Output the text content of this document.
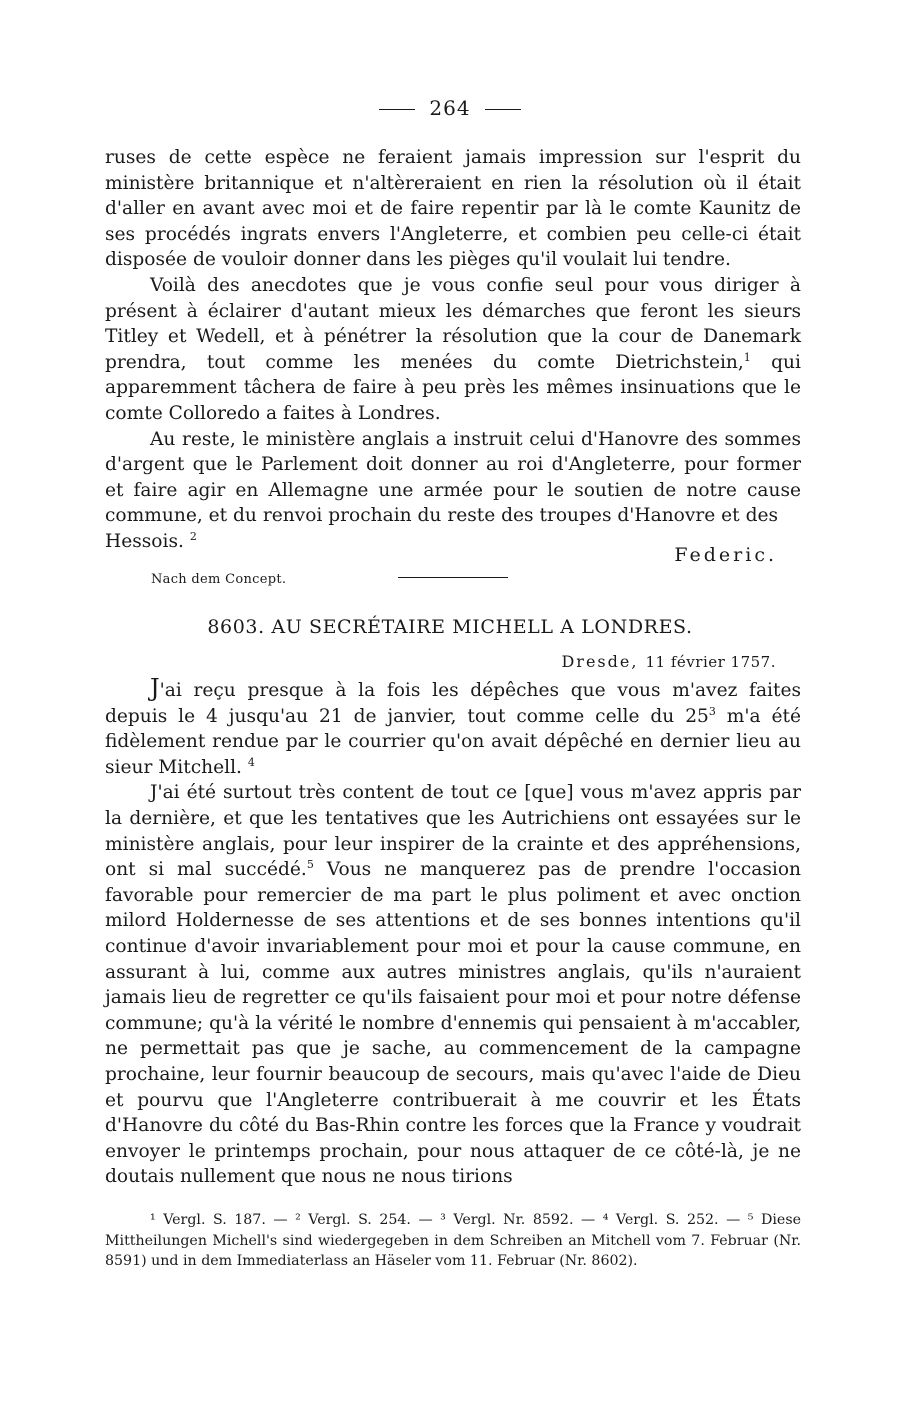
264

ruses de cette espèce ne feraient jamais impression sur l'esprit du ministère britannique et n'altèreraient en rien la résolution où il était d'aller en avant avec moi et de faire repentir par là le comte Kaunitz de ses procédés ingrats envers l'Angleterre, et combien peu celle-ci était disposée de vouloir donner dans les pièges qu'il voulait lui tendre.

Voilà des anecdotes que je vous confie seul pour vous diriger à présent à éclairer d'autant mieux les démarches que feront les sieurs Titley et Wedell, et à pénétrer la résolution que la cour de Danemark prendra, tout comme les menées du comte Dietrichstein,$^1$ qui apparemment tâchera de faire à peu près les mêmes insinuations que le comte Colloredo a faites à Londres.

Au reste, le ministère anglais a instruit celui d'Hanovre des sommes d'argent que le Parlement doit donner au roi d'Angleterre, pour former et faire agir en Allemagne une armée pour le soutien de notre cause commune, et du renvoi prochain du reste des troupes d'Hanovre et des

Hessois. $^2$
Federic.
Nach dem Concept.
8603. AU SECRÉTAIRE MICHELL A LONDRES.
Dresde, 11 février 1757.

J'ai reçu presque à la fois les dépêches que vous m'avez faites depuis le 4 jusqu'au 21 de janvier, tout comme celle du $25^3$ m'a été fidèlement rendue par le courrier qu'on avait dépêché en dernier lieu au sieur Mitchell. $^4$

J'ai été surtout très content de tout ce [que] vous m'avez appris par la dernière, et que les tentatives que les Autrichiens ont essayées sur le ministère anglais, pour leur inspirer de la crainte et des appréhensions, ont si mal succédé.$^5$ Vous ne manquerez pas de prendre l'occasion favorable pour remercier de ma part le plus poliment et avec onction milord Holdernesse de ses attentions et de ses bonnes intentions qu'il continue d'avoir invariablement pour moi et pour la cause commune, en assurant à lui, comme aux autres ministres anglais, qu'ils n'auraient jamais lieu de regretter ce qu'ils faisaient pour moi et pour notre défense commune; qu'à la vérité le nombre d'ennemis qui pensaient à m'accabler, ne permettait pas que je sache, au commencement de la campagne prochaine, leur fournir beaucoup de secours, mais qu'avec l'aide de Dieu et pourvu que l'Angleterre contribuerait à me couvrir et les États d'Hanovre du côté du Bas-Rhin contre les forces que la France y voudrait envoyer le printemps prochain, pour nous attaquer de ce côté-là, je ne doutais nullement que nous ne nous tirions

¹ Vergl. S. 187. — ² Vergl. S. 254. — ³ Vergl. Nr. 8592. — ⁴ Vergl. S. 252. — ⁵ Diese Mittheilungen Michell's sind wiedergegeben in dem Schreiben an Mitchell vom 7. Februar (Nr. 8591) und in dem Immediaterlass an Häseler vom 11. Februar (Nr. 8602).
